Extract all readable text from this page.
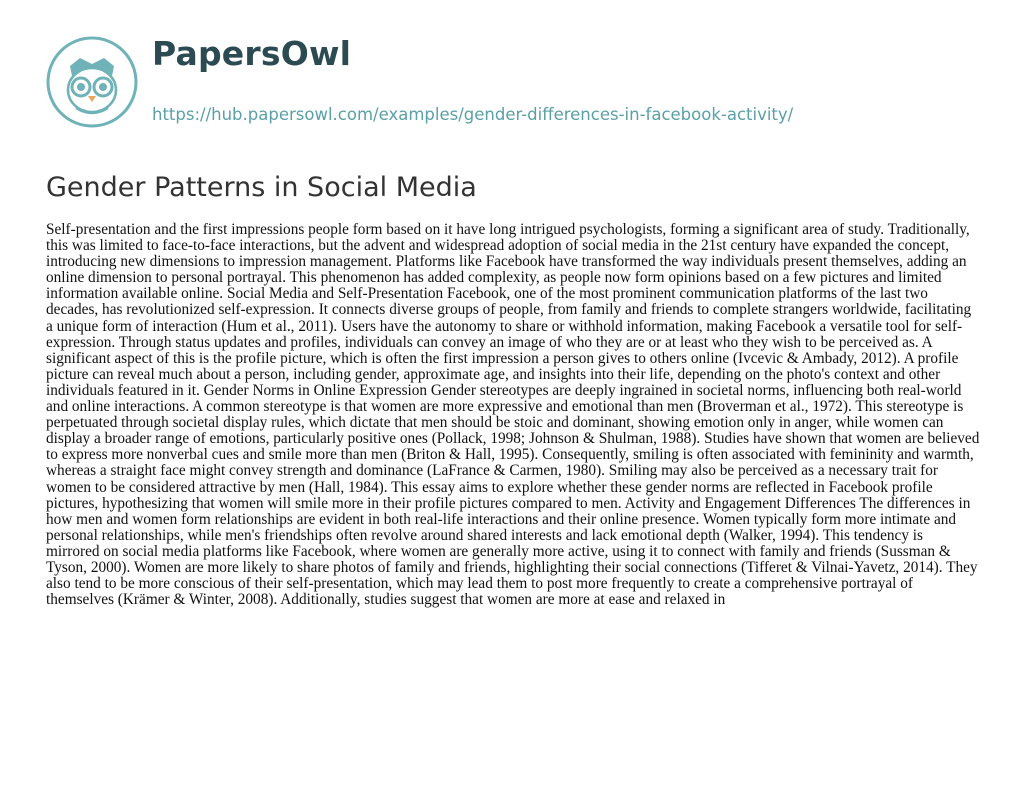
PapersOwl
https://hub.papersowl.com/examples/gender-differences-in-facebook-activity/
Gender Patterns in Social Media

Self-presentation and the first impressions people form based on it have long intrigued psychologists, forming a significant area of study. Traditionally, this was limited to face-to-face interactions, but the advent and widespread adoption of social media in the 21st century have expanded the concept, introducing new dimensions to impression management. Platforms like Facebook have transformed the way individuals present themselves, adding an online dimension to personal portrayal. This phenomenon has added complexity, as people now form opinions based on a few pictures and limited information available online. Social Media and Self-Presentation Facebook, one of the most prominent communication platforms of the last two decades, has revolutionized self-expression. It connects diverse groups of people, from family and friends to complete strangers worldwide, facilitating a unique form of interaction (Hum et al., 2011). Users have the autonomy to share or withhold information, making Facebook a versatile tool for self-expression. Through status updates and profiles, individuals can convey an image of who they are or at least who they wish to be perceived as. A significant aspect of this is the profile picture, which is often the first impression a person gives to others online (Ivcevic & Ambady, 2012). A profile picture can reveal much about a person, including gender, approximate age, and insights into their life, depending on the photo's context and other individuals featured in it. Gender Norms in Online Expression Gender stereotypes are deeply ingrained in societal norms, influencing both real-world and online interactions. A common stereotype is that women are more expressive and emotional than men (Broverman et al., 1972). This stereotype is perpetuated through societal display rules, which dictate that men should be stoic and dominant, showing emotion only in anger, while women can display a broader range of emotions, particularly positive ones (Pollack, 1998; Johnson & Shulman, 1988). Studies have shown that women are believed to express more nonverbal cues and smile more than men (Briton & Hall, 1995). Consequently, smiling is often associated with femininity and warmth, whereas a straight face might convey strength and dominance (LaFrance & Carmen, 1980). Smiling may also be perceived as a necessary trait for women to be considered attractive by men (Hall, 1984). This essay aims to explore whether these gender norms are reflected in Facebook profile pictures, hypothesizing that women will smile more in their profile pictures compared to men. Activity and Engagement Differences The differences in how men and women form relationships are evident in both real-life interactions and their online presence. Women typically form more intimate and personal relationships, while men's friendships often revolve around shared interests and lack emotional depth (Walker, 1994). This tendency is mirrored on social media platforms like Facebook, where women are generally more active, using it to connect with family and friends (Sussman & Tyson, 2000). Women are more likely to share photos of family and friends, highlighting their social connections (Tifferet & Vilnai-Yavetz, 2014). They also tend to be more conscious of their self-presentation, which may lead them to post more frequently to create a comprehensive portrayal of themselves (Krämer & Winter, 2008). Additionally, studies suggest that women are more at ease and relaxed in
